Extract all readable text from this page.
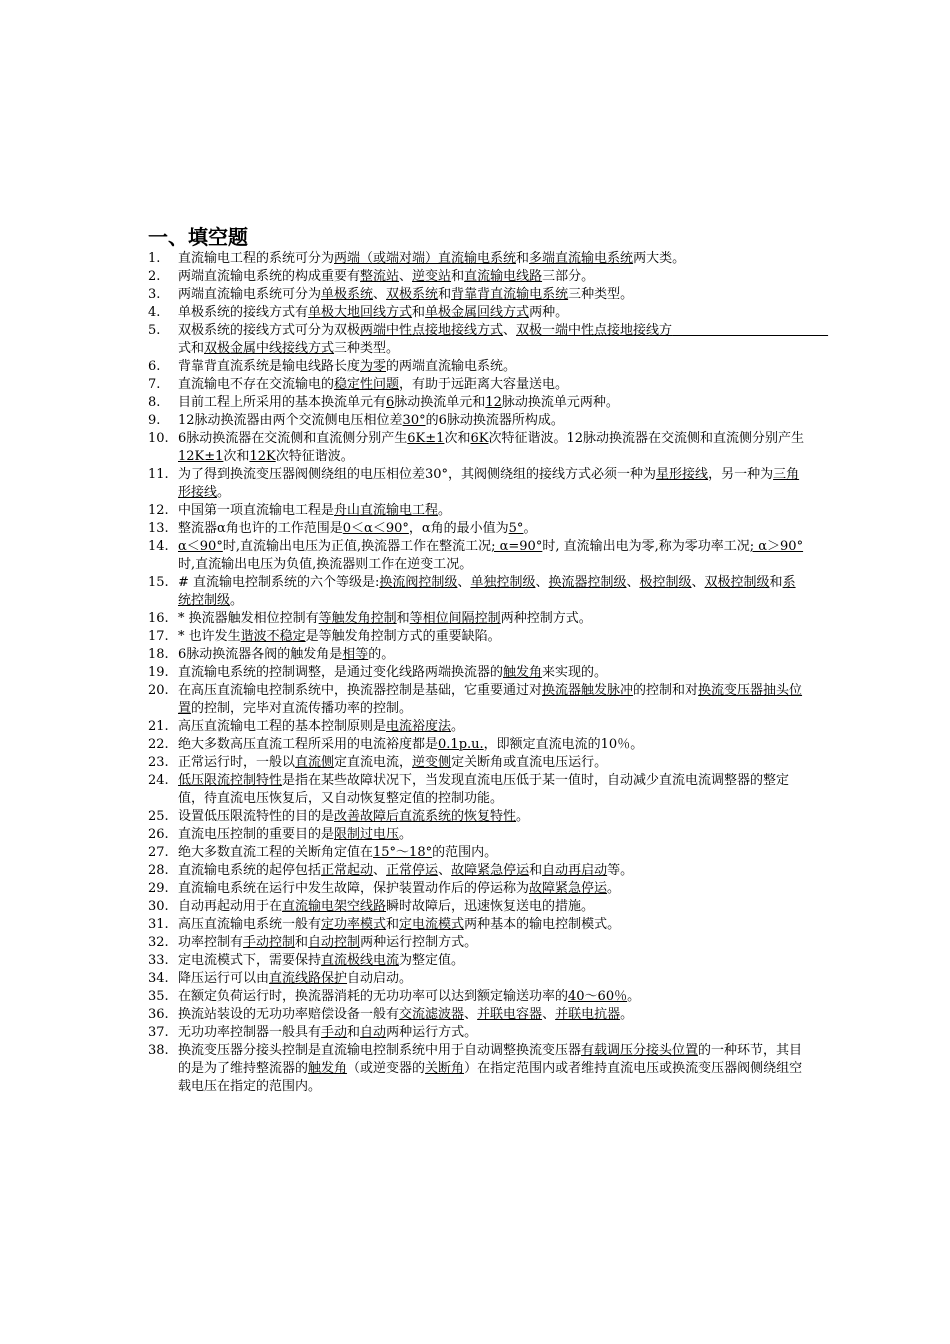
一、填空题
1.	直流输电工程的系统可分为两端（或端对端）直流输电系统和多端直流输电系统两大类。
2.	两端直流输电系统的构成重要有整流站、逆变站和直流输电线路三部分。
3.	两端直流输电系统可分为单极系统、双极系统和背靠背直流输电系统三种类型。
4.	单极系统的接线方式有单极大地回线方式和单极金属回线方式两种。
5.	双极系统的接线方式可分为双极两端中性点接地接线方式、双极一端中性点接地接线方　　　　　　　　　　　　式和双极金属中线接线方式三种类型。
6.	背靠背直流系统是输电线路长度为零的两端直流输电系统。
7.	直流输电不存在交流输电的稳定性问题，有助于远距离大容量送电。
8.	目前工程上所采用的基本换流单元有6脉动换流单元和12脉动换流单元两种。
9.	12脉动换流器由两个交流侧电压相位差30°的6脉动换流器所构成。
10. 6脉动换流器在交流侧和直流侧分别产生6K±1次和6K次特征谐波。12脉动换流器在交流侧和直流侧分别产生12K±1次和12K次特征谐波。
11. 为了得到换流变压器阀侧绕组的电压相位差30°，其阀侧绕组的接线方式必须一种为星形接线，另一种为三角形接线。
12. 中国第一项直流输电工程是舟山直流输电工程。
13. 整流器α角也许的工作范围是0＜α＜90°，α角的最小值为5°。
14. α＜90°时,直流输出电压为正值,换流器工作在整流工况; α=90°时, 直流输出电为零,称为零功率工况; α＞90°时,直流输出电压为负值,换流器则工作在逆变工况。
15. # 直流输电控制系统的六个等级是:换流阀控制级、单独控制级、换流器控制级、极控制级、双极控制级和系统控制级。
16. * 换流器触发相位控制有等触发角控制和等相位间隔控制两种控制方式。
17. * 也许发生谐波不稳定是等触发角控制方式的重要缺陷。
18. 6脉动换流器各阀的触发角是相等的。
19. 直流输电系统的控制调整，是通过变化线路两端换流器的触发角来实现的。
20. 在高压直流输电控制系统中，换流器控制是基础，它重要通过对换流器触发脉冲的控制和对换流变压器抽头位置的控制，完毕对直流传播功率的控制。
21. 高压直流输电工程的基本控制原则是电流裕度法。
22. 绝大多数高压直流工程所采用的电流裕度都是0.1p.u.，即额定直流电流的10％。
23. 正常运行时，一般以直流侧定直流电流，逆变侧定关断角或直流电压运行。
24. 低压限流控制特性是指在某些故障状况下，当发现直流电压低于某一值时，自动减少直流电流调整器的整定值，待直流电压恢复后，又自动恢复整定值的控制功能。
25. 设置低压限流特性的目的是改善故障后直流系统的恢复特性。
26. 直流电压控制的重要目的是限制过电压。
27. 绝大多数直流工程的关断角定值在15°～18°的范围内。
28. 直流输电系统的起停包括正常起动、正常停运、故障紧急停运和自动再启动等。
29. 直流输电系统在运行中发生故障，保护装置动作后的停运称为故障紧急停运。
30. 自动再起动用于在直流输电架空线路瞬时故障后，迅速恢复送电的措施。
31. 高压直流输电系统一般有定功率模式和定电流模式两种基本的输电控制模式。
32. 功率控制有手动控制和自动控制两种运行控制方式。
33. 定电流模式下，需要保持直流极线电流为整定值。
34. 降压运行可以由直流线路保护自动启动。
35. 在额定负荷运行时，换流器消耗的无功功率可以达到额定输送功率的40～60％。
36. 换流站装设的无功功率赔偿设备一般有交流滤波器、并联电容器、并联电抗器。
37. 无功功率控制器一般具有手动和自动两种运行方式。
38. 换流变压器分接头控制是直流输电控制系统中用于自动调整换流变压器有载调压分接头位置的一种环节，其目的是为了维持整流器的触发角（或逆变器的关断角）在指定范围内或者维持直流电压或换流变压器阀侧绕组空载电压在指定的范围内。
